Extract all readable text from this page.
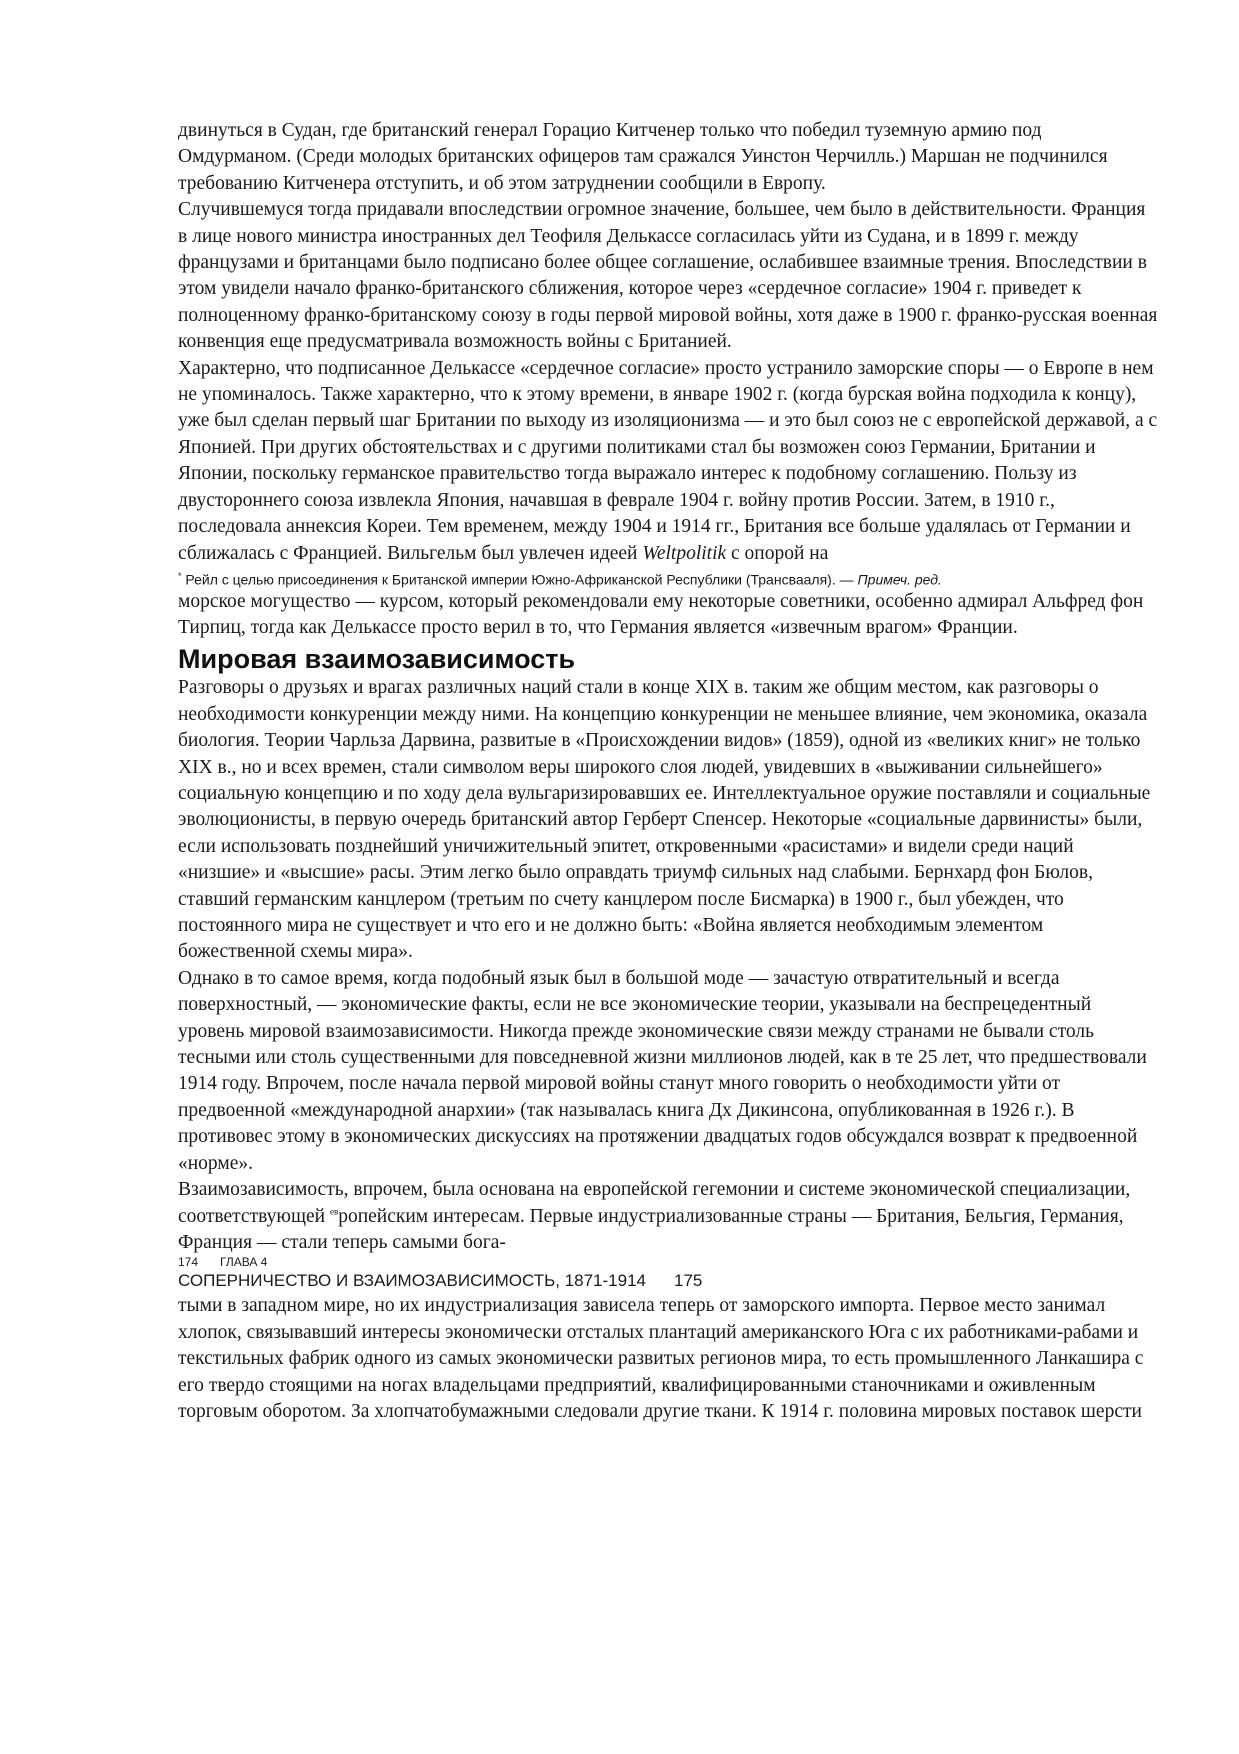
двинуться в Судан, где британский генерал Горацио Китченер только что победил туземную армию под Омдурманом. (Среди молодых британских офицеров там сражался Уинстон Черчилль.) Маршан не подчинился требованию Китченера отступить, и об этом затруднении сообщили в Европу.

Случившемуся тогда придавали впоследствии огромное значение, большее, чем было в действительности. Франция в лице нового министра иностранных дел Теофиля Делькассе согласилась уйти из Судана, и в 1899 г. между французами и британцами было подписано более общее соглашение, ослабившее взаимные трения. Впоследствии в этом увидели начало франко-британского сближения, которое через «сердечное согласие» 1904 г. приведет к полноценному франко-британскому союзу в годы первой мировой войны, хотя даже в 1900 г. франко-русская военная конвенция еще предусматривала возможность войны с Британией.

Характерно, что подписанное Делькассе «сердечное согласие» просто устранило заморские споры — о Европе в нем не упоминалось. Также характерно, что к этому времени, в январе 1902 г. (когда бурская война подходила к концу), уже был сделан первый шаг Британии по выходу из изоляционизма — и это был союз не с европейской державой, а с Японией. При других обстоятельствах и с другими политиками стал бы возможен союз Германии, Британии и Японии, поскольку германское правительство тогда выражало интерес к подобному соглашению. Пользу из двустороннего союза извлекла Япония, начавшая в феврале 1904 г. войну против России. Затем, в 1910 г., последовала аннексия Кореи. Тем временем, между 1904 и 1914 гг., Британия все больше удалялась от Германии и сближалась с Францией. Вильгельм был увлечен идеей Weltpolitik с опорой на

* Рейл с целью присоединения к Британской империи Южно-Африканской Республики (Трансвааля). — Примеч. ред.

морское могущество — курсом, который рекомендовали ему некоторые советники, особенно адмирал Альфред фон Тирпиц, тогда как Делькассе просто верил в то, что Германия является «извечным врагом» Франции.

Мировая взаимозависимость

Разговоры о друзьях и врагах различных наций стали в конце XIX в. таким же общим местом, как разговоры о необходимости конкуренции между ними. На концепцию конкуренции не меньшее влияние, чем экономика, оказала биология. Теории Чарльза Дарвина, развитые в «Происхождении видов» (1859), одной из «великих книг» не только XIX в., но и всех времен, стали символом веры широкого слоя людей, увидевших в «выживании сильнейшего» социальную концепцию и по ходу дела вульгаризировавших ее. Интеллектуальное оружие поставляли и социальные эволюционисты, в первую очередь британский автор Герберт Спенсер. Некоторые «социальные дарвинисты» были, если использовать позднейший уничижительный эпитет, откровенными «расистами» и видели среди наций «низшие» и «высшие» расы. Этим легко было оправдать триумф сильных над слабыми. Бернхард фон Бюлов, ставший германским канцлером (третьим по счету канцлером после Бисмарка) в 1900 г., был убежден, что постоянного мира не существует и что его и не должно быть: «Война является необходимым элементом божественной схемы мира».

Однако в то самое время, когда подобный язык был в большой моде — зачастую отвратительный и всегда поверхностный, — экономические факты, если не все экономические теории, указывали на беспрецедентный уровень мировой взаимозависимости. Никогда прежде экономические связи между странами не бывали столь тесными или столь существенными для повседневной жизни миллионов людей, как в те 25 лет, что предшествовали 1914 году. Впрочем, после начала первой мировой войны станут много говорить о необходимости уйти от предвоенной «международной анархии» (так называлась книга Дх Дикинсона, опубликованная в 1926 г.). В противовес этому в экономических дискуссиях на протяжении двадцатых годов обсуждался возврат к предвоенной «норме».

Взаимозависимость, впрочем, была основана на европейской гегемонии и системе экономической специализации, соответствующей $^{ев}$ропейским интересам. Первые индустриализованные страны — Британия, Бельгия, Германия, Франция — стали теперь самыми бога-

174 ГЛАВА 4

СОПЕРНИЧЕСТВО И ВЗАИМОЗАВИСИМОСТЬ, 1871-1914 175

тыми в западном мире, но их индустриализация зависела теперь от заморского импорта. Первое место занимал хлопок, связывавший интересы экономически отсталых плантаций американского Юга с их работниками-рабами и текстильных фабрик одного из самых экономически развитых регионов мира, то есть промышленного Ланкашира с его твердо стоящими на ногах владельцами предприятий, квалифицированными станочниками и оживленным торговым оборотом. За хлопчатобумажными следовали другие ткани. К 1914 г. половина мировых поставок шерсти
